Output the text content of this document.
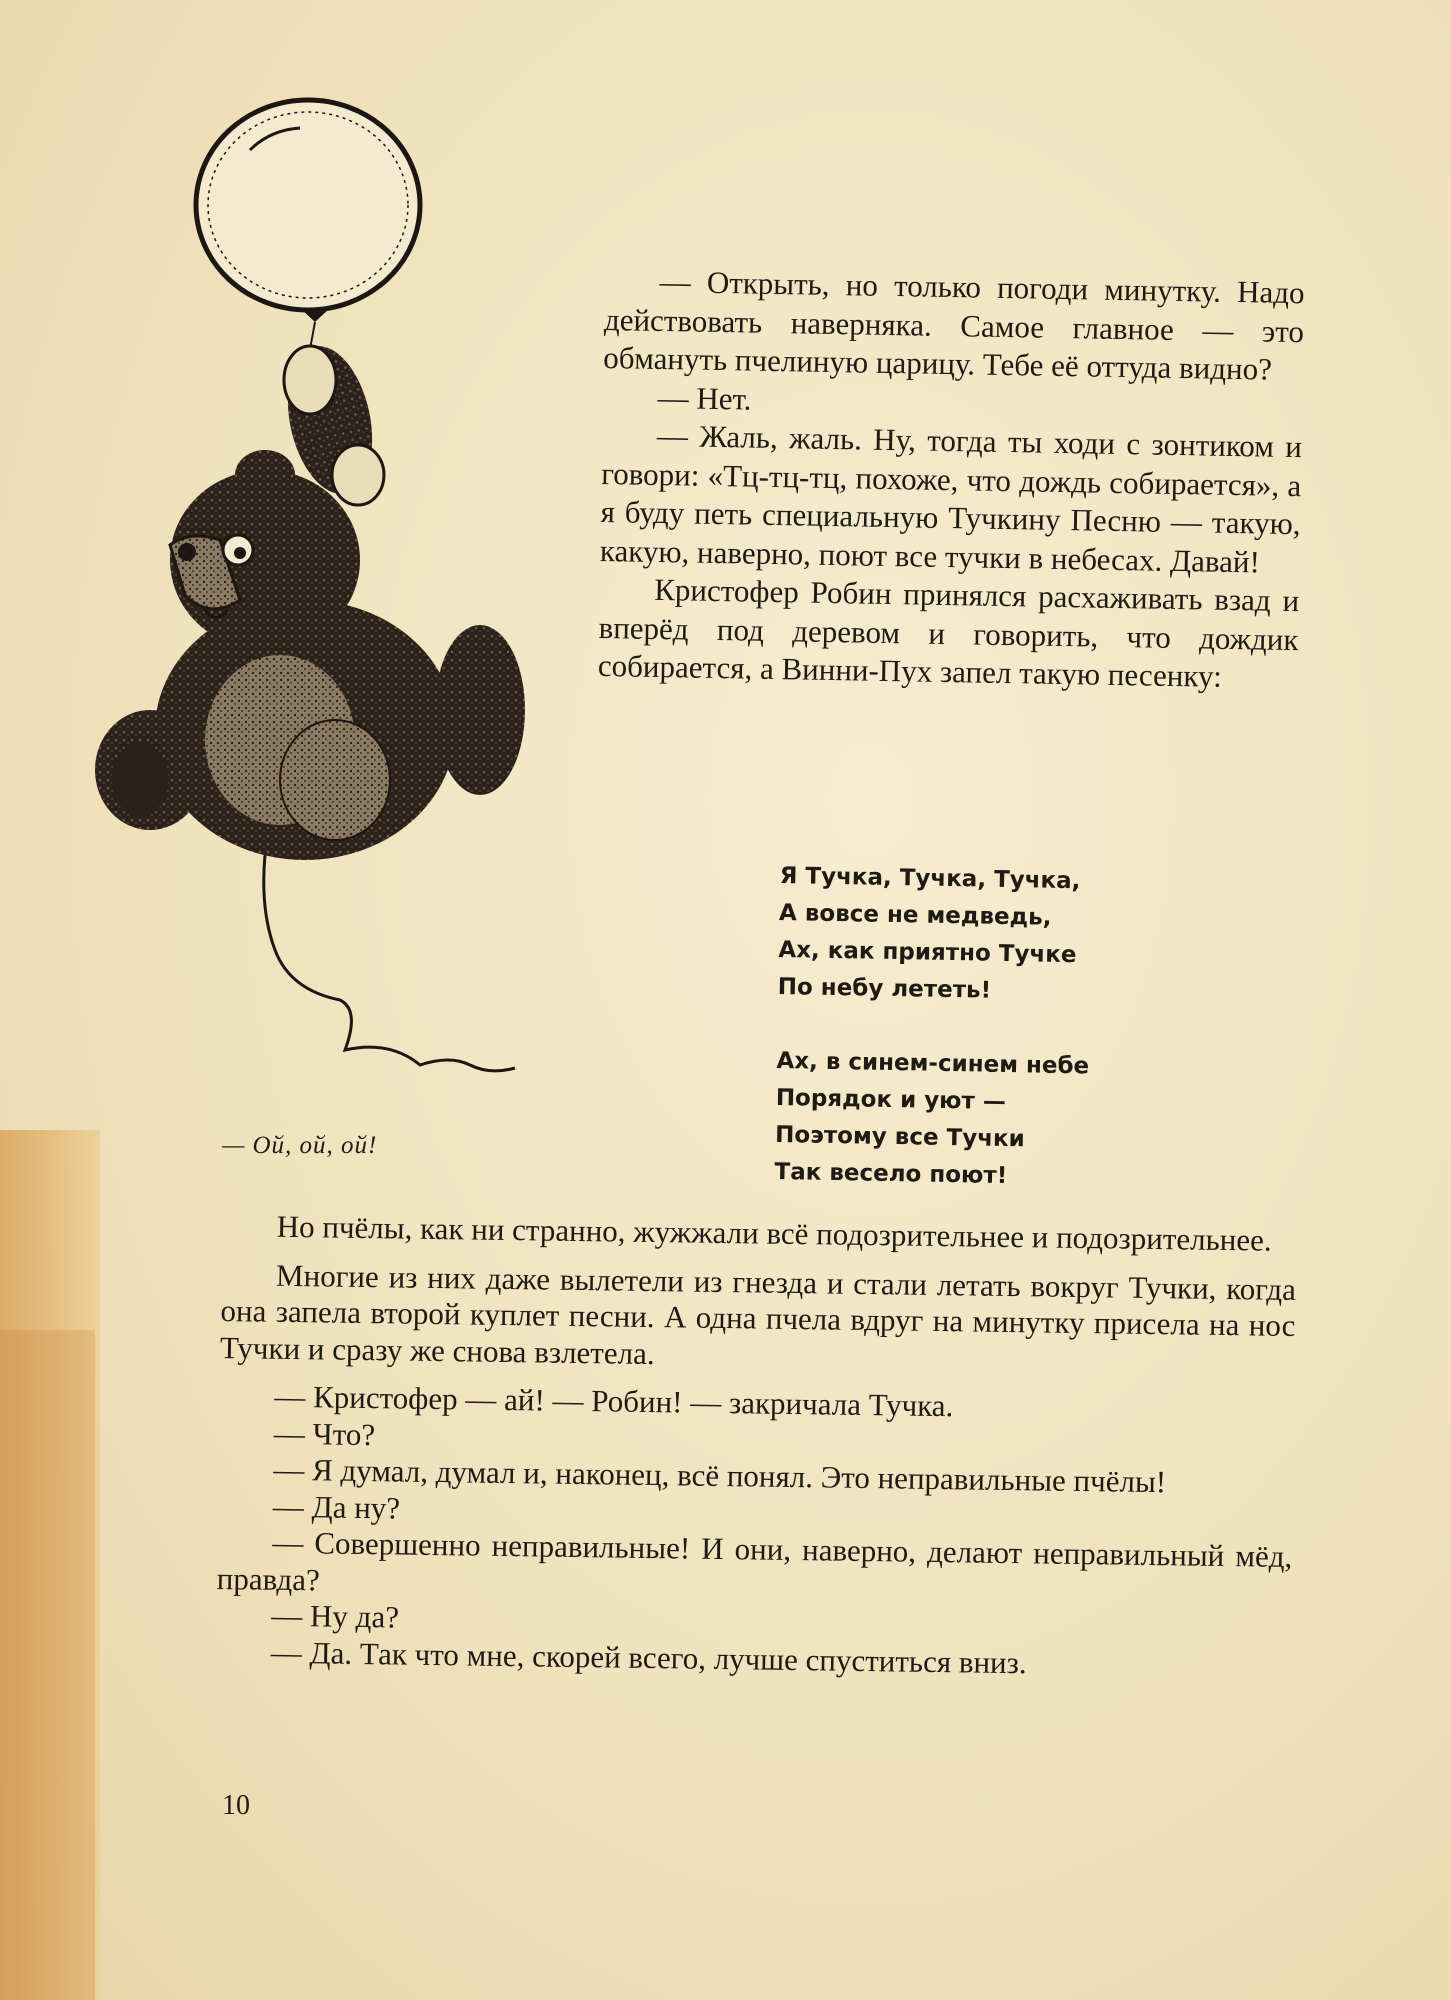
— Ой, ой, ой!

— Открыть, но только погоди минутку. Надо действовать наверняка. Самое главное — это обмануть пчелиную царицу. Тебе её оттуда видно?

— Нет.

— Жаль, жаль. Ну, тогда ты ходи с зонтиком и говори: «Тц-тц-тц, похоже, что дождь собирается», а я буду петь специальную Тучкину Песню — такую, какую, наверно, поют все тучки в небесах. Давай!

Кристофер Робин принялся расхаживать взад и вперёд под деревом и говорить, что дождик собирается, а Винни-Пух запел такую песенку:

Я Тучка, Тучка, Тучка,
А вовсе не медведь,
Ах, как приятно Тучке
По небу лететь!
Ах, в синем-синем небе
Порядок и уют —
Поэтому все Тучки
Так весело поют!

Но пчёлы, как ни странно, жужжали всё подозрительнее и подозрительнее.

Многие из них даже вылетели из гнезда и стали летать вокруг Тучки, когда она запела второй куплет песни. А одна пчела вдруг на минутку присела на нос Тучки и сразу же снова взлетела.

— Кристофер — ай! — Робин! — закричала Тучка.

— Что?

— Я думал, думал и, наконец, всё понял. Это неправильные пчёлы!

— Да ну?

— Совершенно неправильные! И они, наверно, делают неправильный мёд, правда?

— Ну да?

— Да. Так что мне, скорей всего, лучше спуститься вниз.

10
